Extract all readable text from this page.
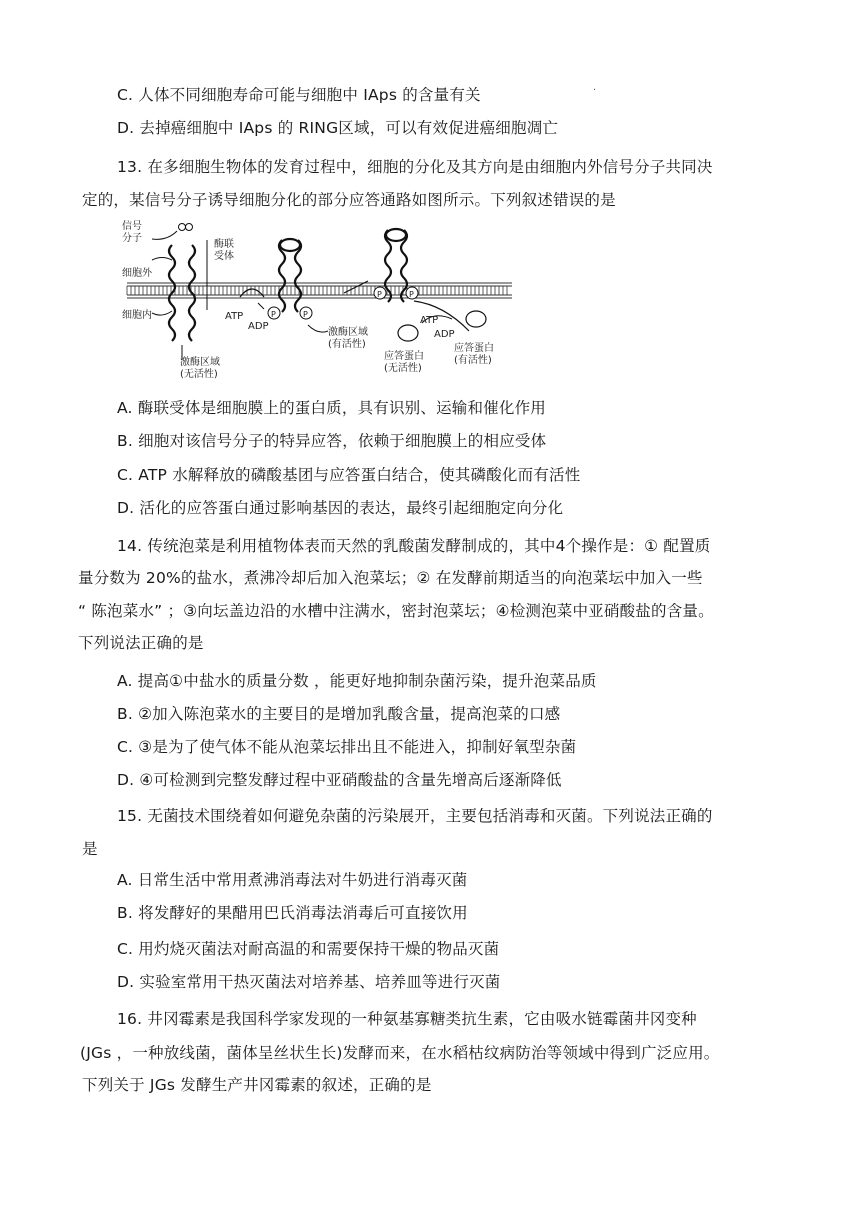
C. 人体不同细胞寿命可能与细胞中 IAps 的含量有关	·
D. 去掉癌细胞中 IAps 的 RING区域，可以有效促进癌细胞凋亡
13. 在多细胞生物体的发育过程中，细胞的分化及其方向是由细胞内外信号分子共同决
定的，某信号分子诱导细胞分化的部分应答通路如图所示。下列叙述错误的是
信号
分子
酶联
受体
细胞外
细胞内	ATP
ADP
P	P
P	P
激酶区域
(无活性)
激酶区域
(有活性)
ATP
ADP
应答蛋白
(无活性)
应答蛋白
(有活性)
A. 酶联受体是细胞膜上的蛋白质，具有识别、运输和催化作用
B. 细胞对该信号分子的特异应答，依赖于细胞膜上的相应受体
C. ATP 水解释放的磷酸基团与应答蛋白结合，使其磷酸化而有活性
D. 活化的应答蛋白通过影响基因的表达，最终引起细胞定向分化
14. 传统泡菜是利用植物体表而天然的乳酸菌发酵制成的，其中4个操作是：① 配置质
量分数为 20%的盐水，煮沸冷却后加入泡菜坛；② 在发酵前期适当的向泡菜坛中加入一些
“ 陈泡菜水” ；③向坛盖边沿的水槽中注满水，密封泡菜坛；④检测泡菜中亚硝酸盐的含量。
下列说法正确的是
A. 提高①中盐水的质量分数 ，能更好地抑制杂菌污染，提升泡菜品质
B. ②加入陈泡菜水的主要目的是增加乳酸含量，提高泡菜的口感
C. ③是为了使气体不能从泡菜坛排出且不能进入，抑制好氧型杂菌
D. ④可检测到完整发酵过程中亚硝酸盐的含量先增高后逐渐降低
15. 无菌技术围绕着如何避免杂菌的污染展开，主要包括消毒和灭菌。下列说法正确的
是
A. 日常生活中常用煮沸消毒法对牛奶进行消毒灭菌
B. 将发酵好的果醋用巴氏消毒法消毒后可直接饮用
C. 用灼烧灭菌法对耐高温的和需要保持干燥的物品灭菌
D. 实验室常用干热灭菌法对培养基、培养皿等进行灭菌
16. 井冈霉素是我国科学家发现的一种氨基寡糖类抗生素，它由吸水链霉菌井冈变种
(JGs ，一种放线菌，菌体呈丝状生长)发酵而来，在水稻枯纹病防治等领域中得到广泛应用。
下列关于 JGs 发酵生产井冈霉素的叙述，正确的是
